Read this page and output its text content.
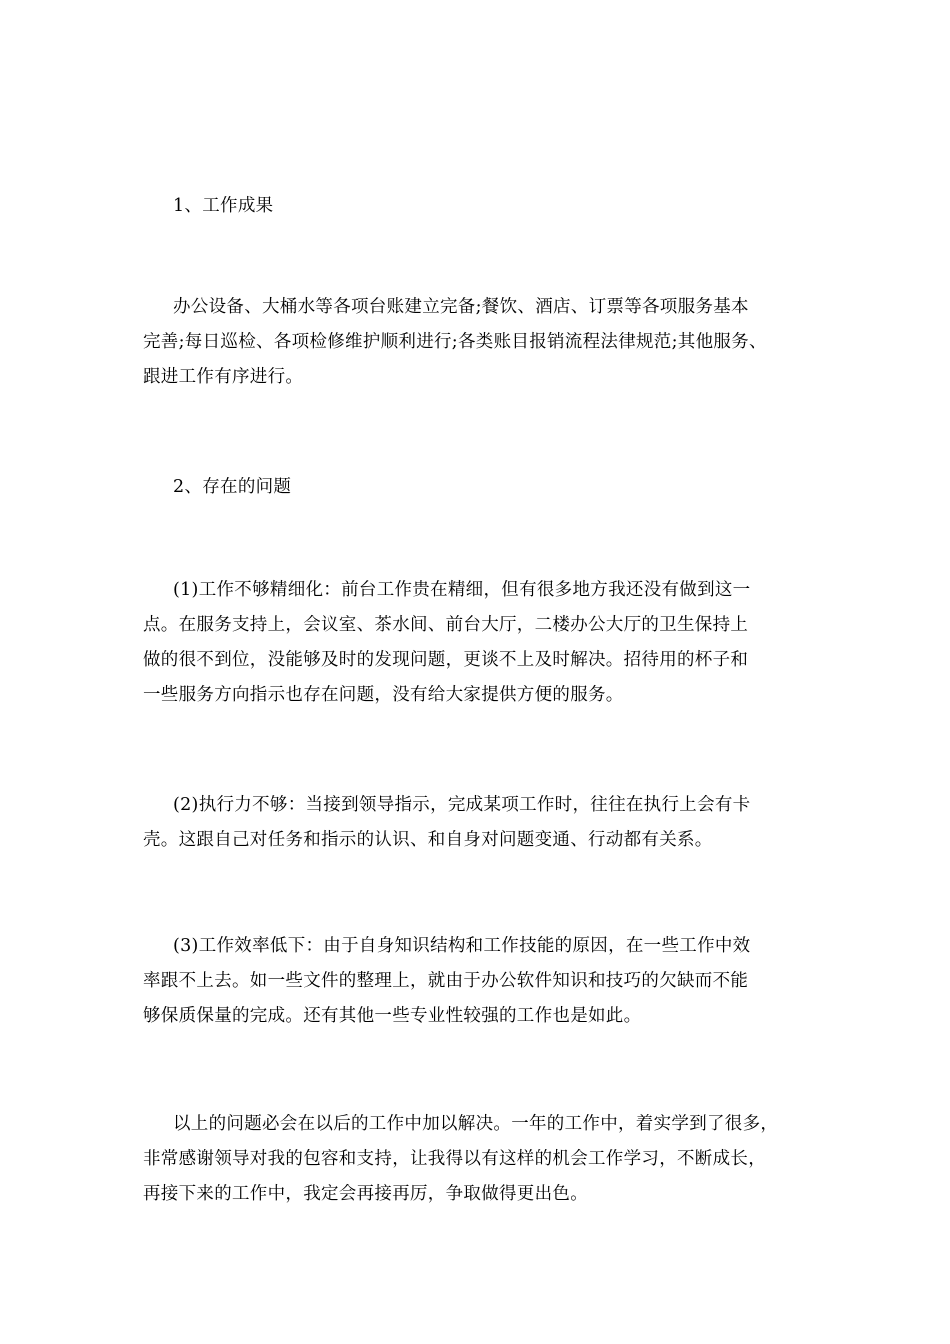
1、工作成果
办公设备、大桶水等各项台账建立完备;餐饮、酒店、订票等各项服务基本
完善;每日巡检、各项检修维护顺利进行;各类账目报销流程法律规范;其他服务、
跟进工作有序进行。
2、存在的问题
(1)工作不够精细化：前台工作贵在精细，但有很多地方我还没有做到这一
点。在服务支持上，会议室、茶水间、前台大厅，二楼办公大厅的卫生保持上
做的很不到位，没能够及时的发现问题，更谈不上及时解决。招待用的杯子和
一些服务方向指示也存在问题，没有给大家提供方便的服务。
(2)执行力不够：当接到领导指示，完成某项工作时，往往在执行上会有卡
壳。这跟自己对任务和指示的认识、和自身对问题变通、行动都有关系。
(3)工作效率低下：由于自身知识结构和工作技能的原因，在一些工作中效
率跟不上去。如一些文件的整理上，就由于办公软件知识和技巧的欠缺而不能
够保质保量的完成。还有其他一些专业性较强的工作也是如此。
以上的问题必会在以后的工作中加以解决。一年的工作中，着实学到了很多，
非常感谢领导对我的包容和支持，让我得以有这样的机会工作学习，不断成长，
再接下来的工作中，我定会再接再厉，争取做得更出色。
